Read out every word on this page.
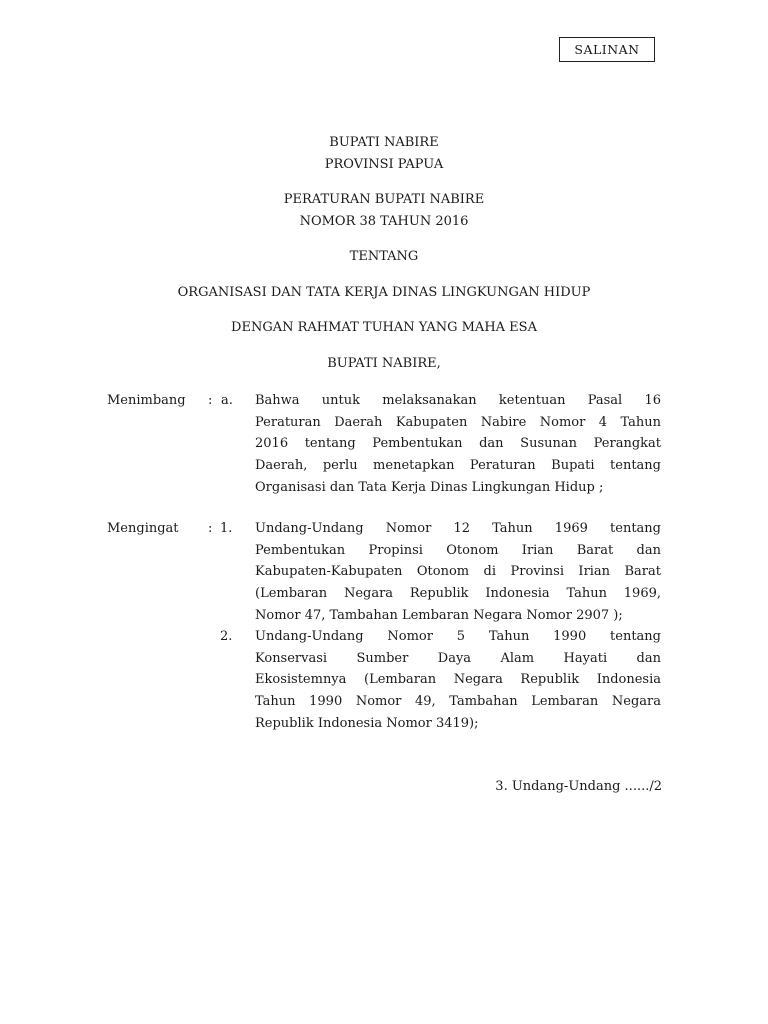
SALINAN
BUPATI NABIRE
PROVINSI PAPUA
PERATURAN BUPATI NABIRE
NOMOR 38 TAHUN 2016
TENTANG
ORGANISASI DAN TATA KERJA DINAS LINGKUNGAN HIDUP
DENGAN RAHMAT TUHAN YANG MAHA ESA
BUPATI NABIRE,
Menimbang : a. Bahwa untuk melaksanakan ketentuan Pasal 16
Peraturan Daerah Kabupaten Nabire Nomor 4 Tahun
2016 tentang Pembentukan dan Susunan Perangkat
Daerah, perlu menetapkan Peraturan Bupati tentang
Organisasi dan Tata Kerja Dinas Lingkungan Hidup ;
Mengingat : 1. Undang-Undang Nomor 12 Tahun 1969 tentang
Pembentukan Propinsi Otonom Irian Barat dan
Kabupaten-Kabupaten Otonom di Provinsi Irian Barat
(Lembaran Negara Republik Indonesia Tahun 1969,
Nomor 47, Tambahan Lembaran Negara Nomor 2907 );
2. Undang-Undang Nomor 5 Tahun 1990 tentang
Konservasi Sumber Daya Alam Hayati dan
Ekosistemnya (Lembaran Negara Republik Indonesia
Tahun 1990 Nomor 49, Tambahan Lembaran Negara
Republik Indonesia Nomor 3419);
3. Undang-Undang ....../2
